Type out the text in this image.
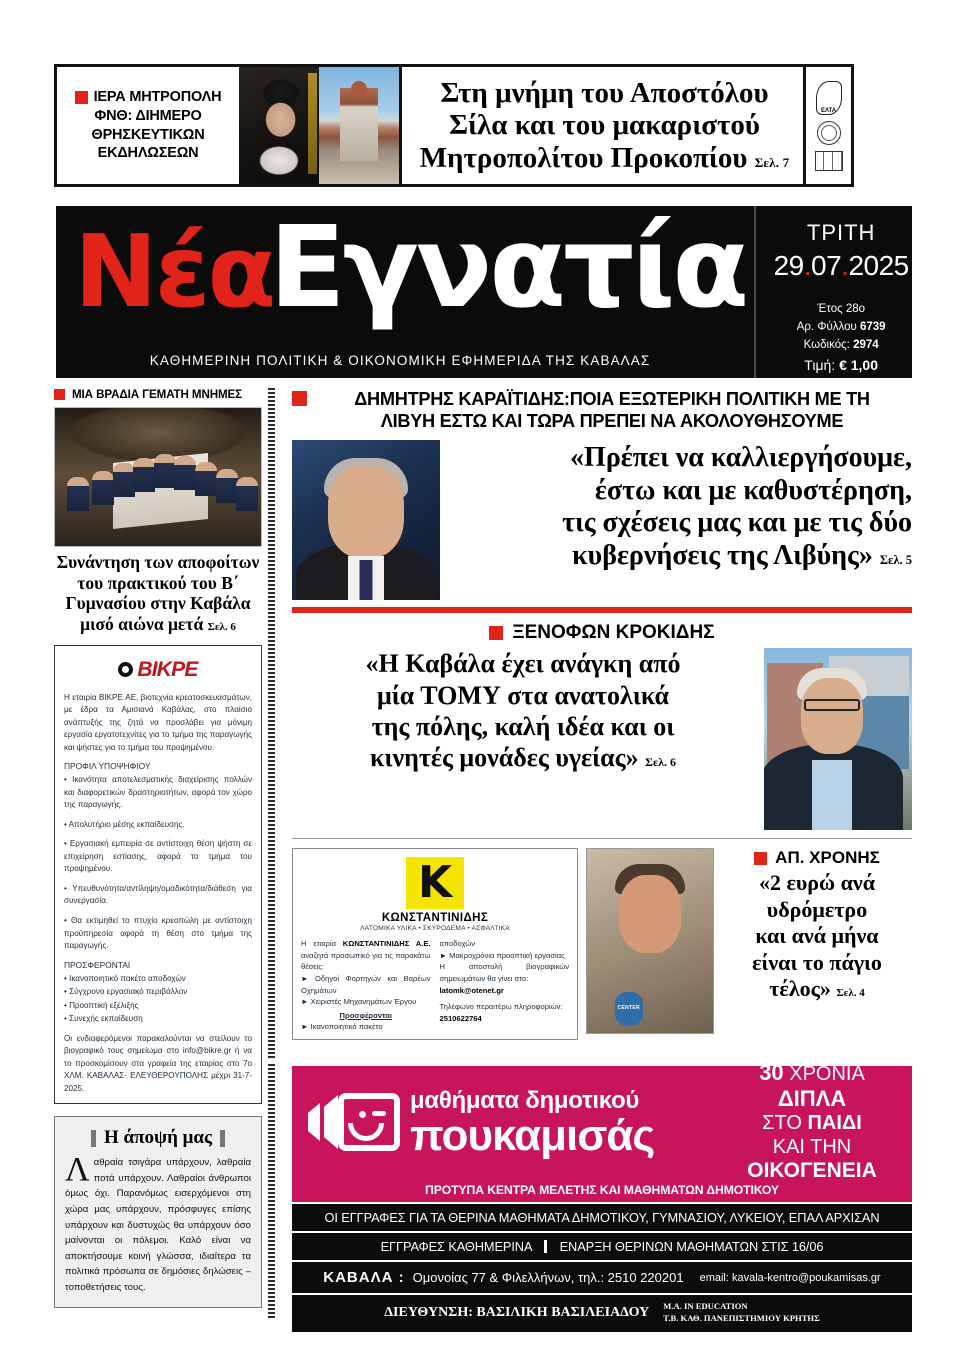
ΙΕΡΑ ΜΗΤΡΟΠΟΛΗ
ΦΝΘ: ΔΙΗΜΕΡΟ
ΘΡΗΣΚΕΥΤΙΚΩΝ
ΕΚΔΗΛΩΣΕΩΝ
Στη μνήμη του Αποστόλου
Σίλα και του μακαριστού
Μητροπολίτου Προκοπίου Σελ. 7
ΕΛΤΑ
Νέα
Εγνατία
ΚΑΘΗΜΕΡΙΝΗ ΠΟΛΙΤΙΚΗ & ΟΙΚΟΝΟΜΙΚΗ ΕΦΗΜΕΡΙΔΑ ΤΗΣ ΚΑΒΑΛΑΣ
ΤΡΙΤΗ
29.07.2025
Έτος 28ο
Αρ. Φύλλου 6739
Κωδικός: 2974
Τιμή: € 1,00
ΜΙΑ ΒΡΑΔΙΑ ΓΕΜΑΤΗ ΜΝΗΜΕΣ
Συνάντηση των αποφοίτων
του πρακτικού του Β΄
Γυμνασίου στην Καβάλα
μισό αιώνα μετά Σελ. 6
BIKPE
Η εταιρία BIKPE ΑΕ, βιοτεχνία κρεατοσκευασμάτων, με έδρα τα Αμισιανά Καβάλας, στο πλαίσιο ανάπτυξής της ζητά να προσλάβει για μόνιμη εργασία εργατοτεχνίτες για το τμήμα της παραγωγής και ψήστες για το τμήμα του προψημένου.
ΠΡΟΦΙΛ ΥΠΟΨΗΦΙΟΥ
• Ικανότητα αποτελεσματικής διαχείρισης πολλών και διαφορετικών δραστηριοτήτων, αφορά τον χώρο της παραγωγής.
• Απολυτήριο μέσης εκπαίδευσης.
• Εργασιακή εμπειρία σε αντίστοιχη θέση ψήστη σε επιχείρηση εστίασης, αφορά το τμήμα του προψημένου.
• Υπευθυνότητα/αντίληψη/ομαδικότητα/διάθεση για συνεργασία.
• Θα εκτιμηθεί το πτυχίο κρεοπώλη με αντίστοιχη προϋπηρεσία αφορά τη θέση στο τμήμα της παραγωγής.
ΠΡΟΣΦΕΡΟΝΤΑΙ
• Ικανοποιητικό πακέτο αποδοχών
• Σύγχρονο εργασιακό περιβάλλον
• Προοπτική εξέλιξης
• Συνεχής εκπαίδευση
Οι ενδιαφερόμενοι παρακαλούνται να στείλουν το βιογραφικό τους σημείωμα στο info@bikre.gr ή να το προσκομίσουν στα γραφεία της εταιρίας στο 7ο ΧΛΜ. ΚΑΒΑΛΑΣ- ΕΛΕΥΘΕΡΟΥΠΟΛΗΣ μέχρι 31-7-2025.
Η άποψή μας
Λαθραία τσιγάρα υπάρχουν, λαθραία ποτά υπάρχουν. Λαθραίοι άνθρωποι όμως όχι. Παρανόμως εισερχόμενοι στη χώρα μας υπάρχουν, πρόσφυγες επίσης υπάρχουν και δυστυχώς θα υπάρχουν όσο μαίνονται οι πόλεμοι. Καλό είναι να αποκτήσουμε κοινή γλώσσα, ιδιαίτερα τα πολιτικά πρόσωπα σε δημόσιες δηλώσεις – τοποθετήσεις τους.
ΔΗΜΗΤΡΗΣ ΚΑΡΑΪΤΙΔΗΣ:ΠΟΙΑ ΕΞΩΤΕΡΙΚΗ ΠΟΛΙΤΙΚΗ ΜΕ ΤΗ
ΛΙΒΥΗ ΕΣΤΩ ΚΑΙ ΤΩΡΑ ΠΡΕΠΕΙ ΝΑ ΑΚΟΛΟΥΘΗΣΟΥΜΕ
«Πρέπει να καλλιεργήσουμε,
έστω και με καθυστέρηση,
τις σχέσεις μας και με τις δύο
κυβερνήσεις της Λιβύης» Σελ. 5
ΞΕΝΟΦΩΝ ΚΡΟΚΙΔΗΣ
«Η Καβάλα έχει ανάγκη από
μία ΤΟΜΥ στα ανατολικά
της πόλης, καλή ιδέα και οι
κινητές μονάδες υγείας» Σελ. 6
K
ΚΩΝΣΤΑΝΤΙΝΙΔΗΣ
ΛΑΤΟΜΙΚΑ ΥΛΙΚΑ • ΣΚΥΡΟΔΕΜΑ • ΑΣΦΑΛΤΙΚΑ
Η εταιρία ΚΩΝΣΤΑΝΤΙΝΙΔΗΣ Α.Ε. αναζητά προσωπικό για τις παρακάτω θέσεις:
► Οδηγοί Φορτηγών και Βαρέων Οχημάτων
► Χειριστές Μηχανημάτων Έργου
Προσφέρονται
► Ικανοποιητικό πακέτο
αποδοχών
► Μακροχρόνια προοπτική εργασίας
Η αποστολή βιογραφικών σημειωμάτων θα γίνει στο:
latomk@otenet.gr
Τηλέφωνο περαιτέρω πληροφοριών:
2510622764
CENTER
ΑΠ. ΧΡΟΝΗΣ
«2 ευρώ ανά
υδρόμετρο
και ανά μήνα
είναι το πάγιο
τέλος» Σελ. 4
μαθήματα δημοτικού
πουκαμισάς
30 ΧΡΟΝΙΑ
ΔΙΠΛΑ
ΣΤΟ ΠΑΙΔΙ
ΚΑΙ ΤΗΝ
ΟΙΚΟΓΕΝΕΙΑ
ΠΡΟΤΥΠΑ ΚΕΝΤΡΑ ΜΕΛΕΤΗΣ ΚΑΙ ΜΑΘΗΜΑΤΩΝ ΔΗΜΟΤΙΚΟΥ
ΟΙ ΕΓΓΡΑΦΕΣ ΓΙΑ ΤΑ ΘΕΡΙΝΑ ΜΑΘΗΜΑΤΑ ΔΗΜΟΤΙΚΟΥ, ΓΥΜΝΑΣΙΟΥ, ΛΥΚΕΙΟΥ, ΕΠΑΛ ΑΡΧΙΣΑΝ
ΕΓΓΡΑΦΕΣ ΚΑΘΗΜΕΡΙΝΑ ΕΝΑΡΞΗ ΘΕΡΙΝΩΝ ΜΑΘΗΜΑΤΩΝ ΣΤΙΣ 16/06
ΚΑΒΑΛΑ : Ομονοίας 77 & Φιλελλήνων, τηλ.: 2510 220201 email: kavala-kentro@poukamisas.gr
ΔΙΕΥΘΥΝΣΗ: ΒΑΣΙΛΙΚΗ ΒΑΣΙΛΕΙΑΔΟΥ M.A. IN EDUCATION
Τ.Β. ΚΑΘ. ΠΑΝΕΠΙΣΤΗΜΙΟΥ ΚΡΗΤΗΣ
